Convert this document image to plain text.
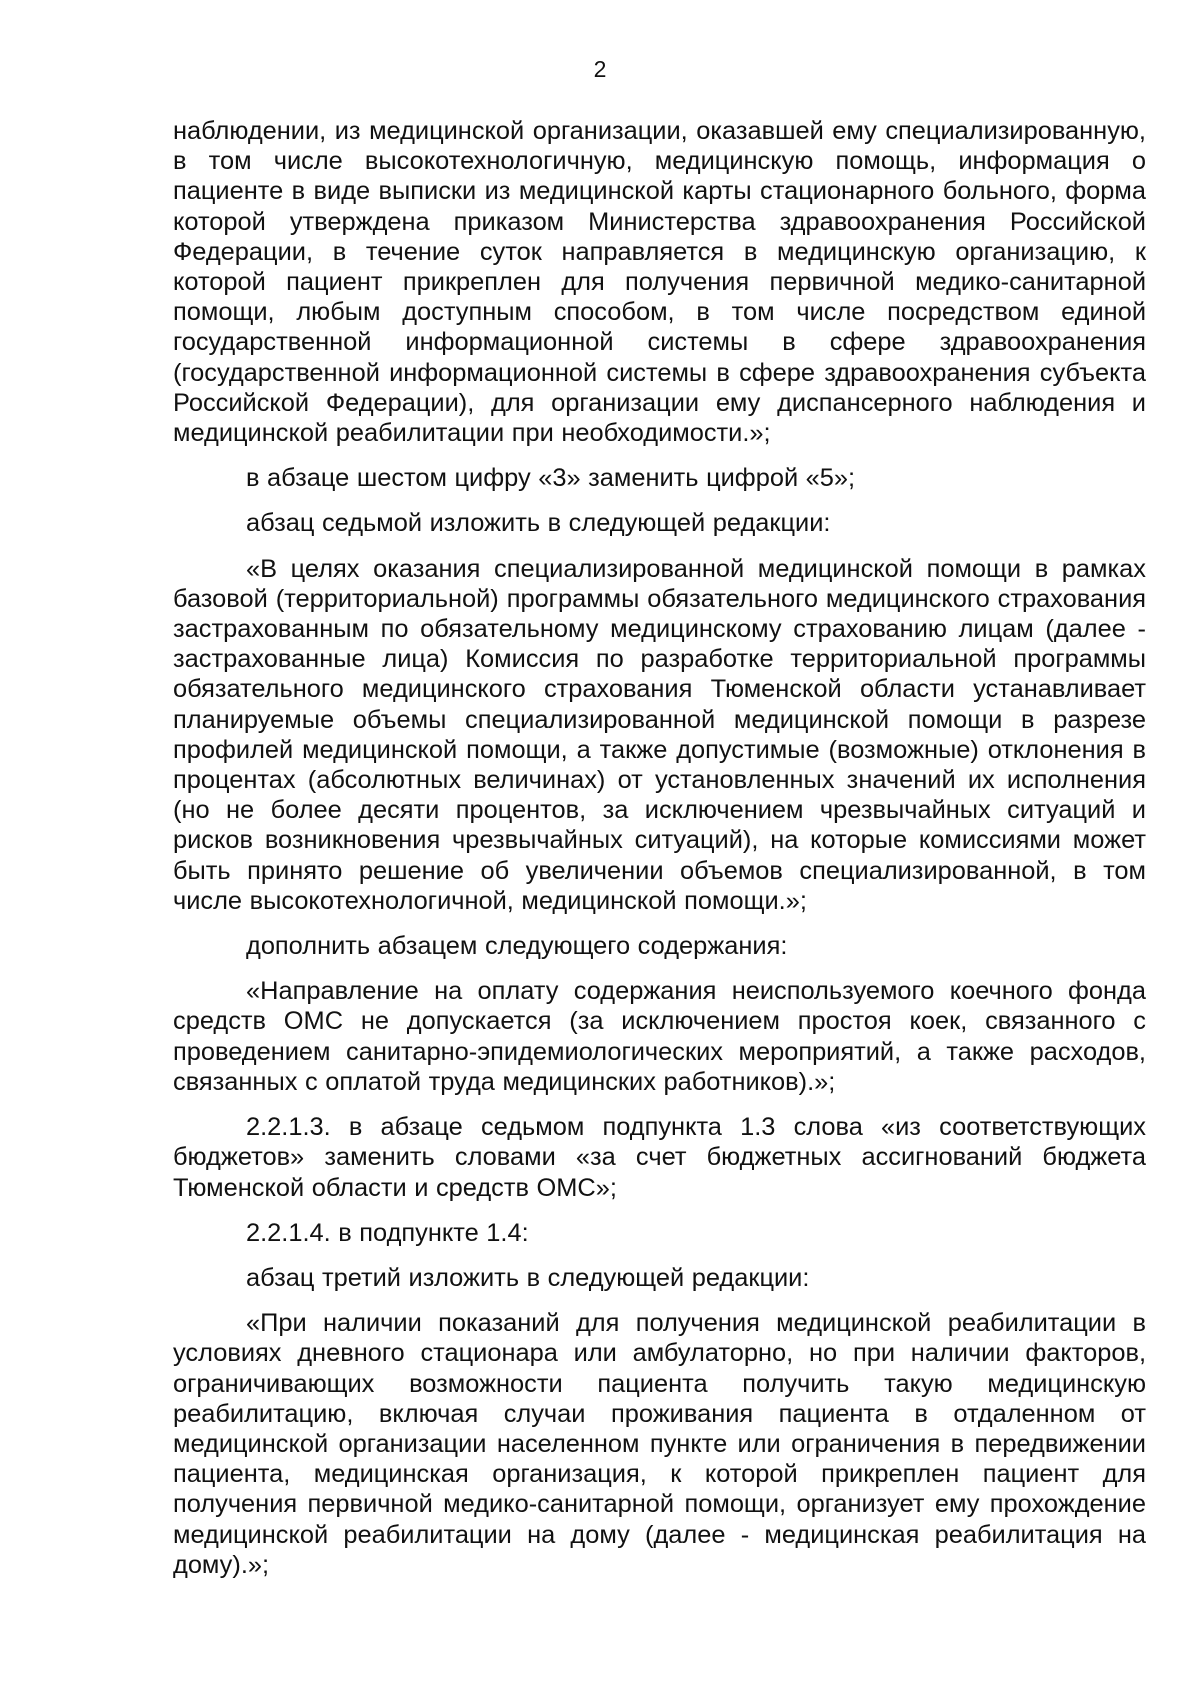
2

наблюдении, из медицинской организации, оказавшей ему специализированную, в том числе высокотехнологичную, медицинскую помощь, информация о пациенте в виде выписки из медицинской карты стационарного больного, форма которой утверждена приказом Министерства здравоохранения Российской Федерации, в течение суток направляется в медицинскую организацию, к которой пациент прикреплен для получения первичной медико-санитарной помощи, любым доступным способом, в том числе посредством единой государственной информационной системы в сфере здравоохранения (государственной информационной системы в сфере здравоохранения субъекта Российской Федерации), для организации ему диспансерного наблюдения и медицинской реабилитации при необходимости.»;

в абзаце шестом цифру «3» заменить цифрой «5»;

абзац седьмой изложить в следующей редакции:

«В целях оказания специализированной медицинской помощи в рамках базовой (территориальной) программы обязательного медицинского страхования застрахованным по обязательному медицинскому страхованию лицам (далее - застрахованные лица) Комиссия по разработке территориальной программы обязательного медицинского страхования Тюменской области устанавливает планируемые объемы специализированной медицинской помощи в разрезе профилей медицинской помощи, а также допустимые (возможные) отклонения в процентах (абсолютных величинах) от установленных значений их исполнения (но не более десяти процентов, за исключением чрезвычайных ситуаций и рисков возникновения чрезвычайных ситуаций), на которые комиссиями может быть принято решение об увеличении объемов специализированной, в том числе высокотехнологичной, медицинской помощи.»;

дополнить абзацем следующего содержания:

«Направление на оплату содержания неиспользуемого коечного фонда средств ОМС не допускается (за исключением простоя коек, связанного с проведением санитарно-эпидемиологических мероприятий, а также расходов, связанных с оплатой труда медицинских работников).»;

2.2.1.3. в абзаце седьмом подпункта 1.3 слова «из соответствующих бюджетов» заменить словами «за счет бюджетных ассигнований бюджета Тюменской области и средств ОМС»;

2.2.1.4. в подпункте 1.4:

абзац третий изложить в следующей редакции:

«При наличии показаний для получения медицинской реабилитации в условиях дневного стационара или амбулаторно, но при наличии факторов, ограничивающих возможности пациента получить такую медицинскую реабилитацию, включая случаи проживания пациента в отдаленном от медицинской организации населенном пункте или ограничения в передвижении пациента, медицинская организация, к которой прикреплен пациент для получения первичной медико-санитарной помощи, организует ему прохождение медицинской реабилитации на дому (далее - медицинская реабилитация на дому).»;
